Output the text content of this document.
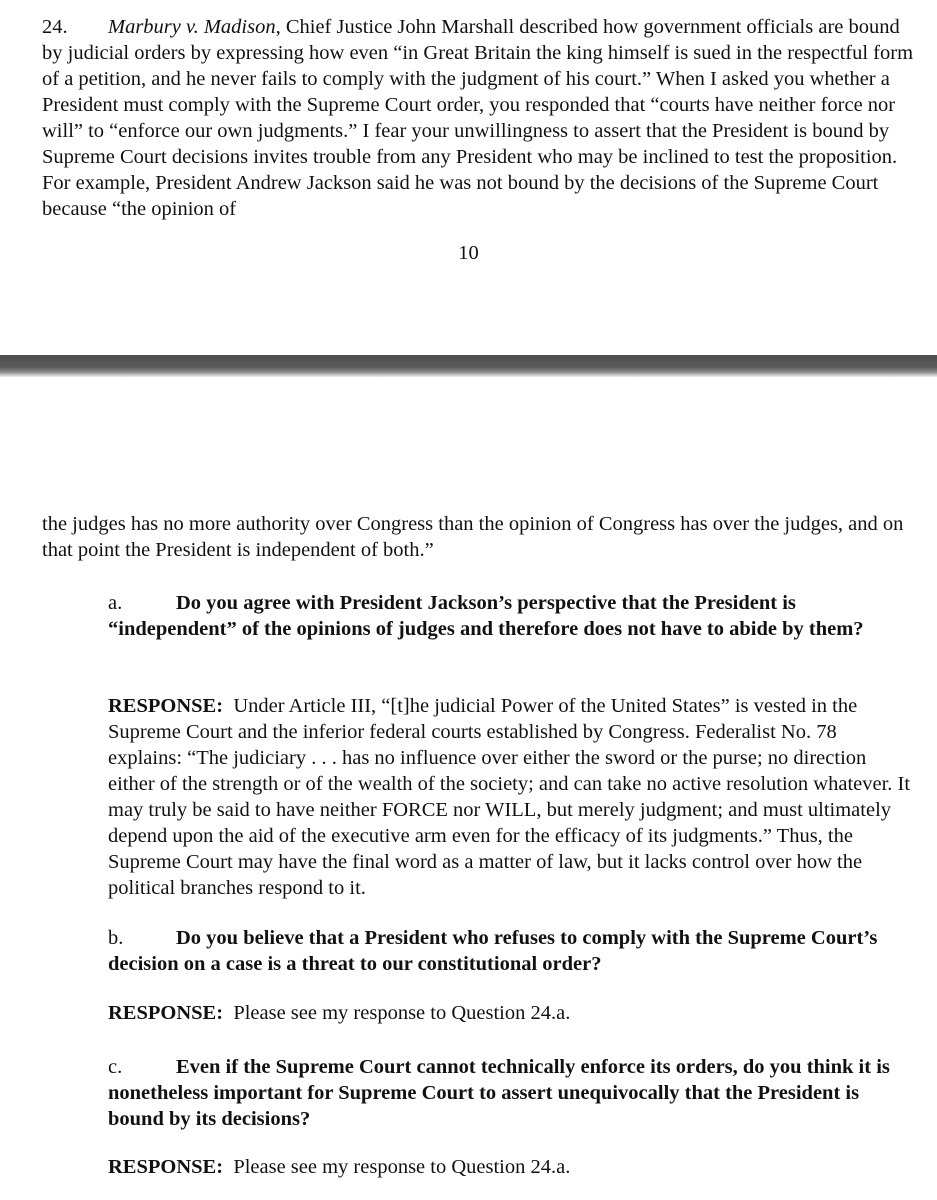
24. Marbury v. Madison, Chief Justice John Marshall described how government officials are bound by judicial orders by expressing how even “in Great Britain the king himself is sued in the respectful form of a petition, and he never fails to comply with the judgment of his court.” When I asked you whether a President must comply with the Supreme Court order, you responded that “courts have neither force nor will” to “enforce our own judgments.” I fear your unwillingness to assert that the President is bound by Supreme Court decisions invites trouble from any President who may be inclined to test the proposition. For example, President Andrew Jackson said he was not bound by the decisions of the Supreme Court because “the opinion of

10

the judges has no more authority over Congress than the opinion of Congress has over the judges, and on that point the President is independent of both.”

a.	Do you agree with President Jackson’s perspective that the President is “independent” of the opinions of judges and therefore does not have to abide by them?

RESPONSE: Under Article III, “[t]he judicial Power of the United States” is vested in the Supreme Court and the inferior federal courts established by Congress. Federalist No. 78 explains: “The judiciary . . . has no influence over either the sword or the purse; no direction either of the strength or of the wealth of the society; and can take no active resolution whatever. It may truly be said to have neither FORCE nor WILL, but merely judgment; and must ultimately depend upon the aid of the executive arm even for the efficacy of its judgments.” Thus, the Supreme Court may have the final word as a matter of law, but it lacks control over how the political branches respond to it.

b.	Do you believe that a President who refuses to comply with the Supreme Court’s decision on a case is a threat to our constitutional order?

RESPONSE: Please see my response to Question 24.a.

c.	Even if the Supreme Court cannot technically enforce its orders, do you think it is nonetheless important for Supreme Court to assert unequivocally that the President is bound by its decisions?

RESPONSE: Please see my response to Question 24.a.
